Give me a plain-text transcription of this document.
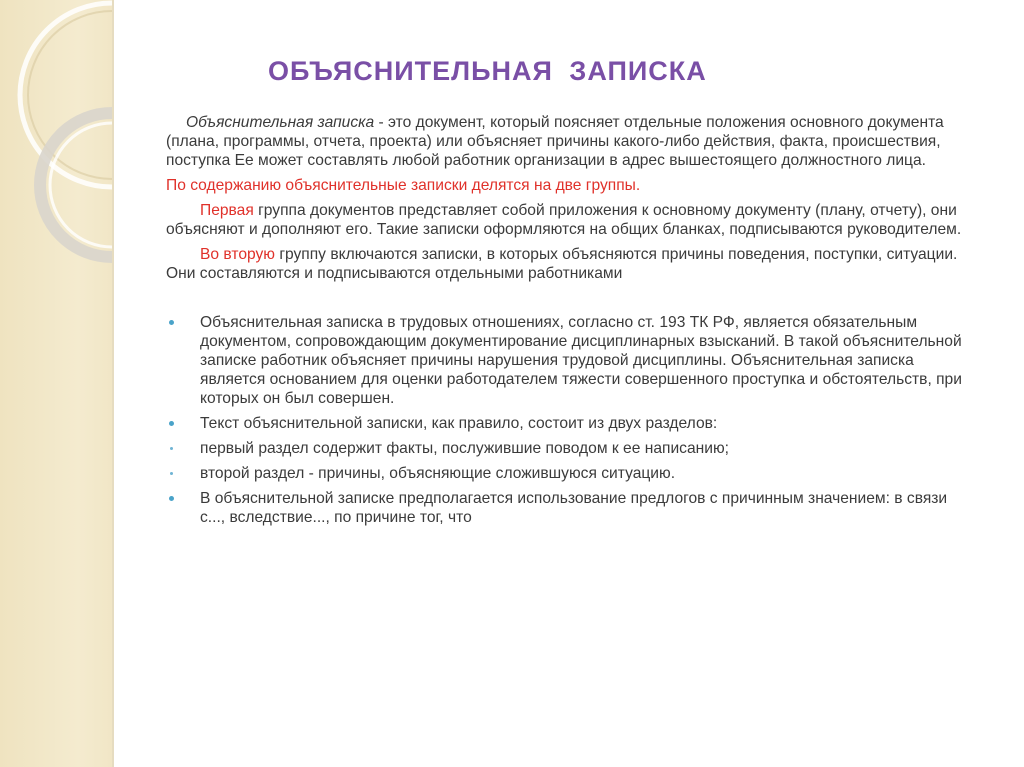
ОБЪЯСНИТЕЛЬНАЯ ЗАПИСКА

Объяснительная записка - это документ, который поясняет отдельные положения основного документа (плана, программы, отчета, проекта) или объясняет причины какого-либо действия, факта, происшествия, поступка Ее может составлять любой работник организации в адрес вышестоящего должностного лица.

По содержанию объяснительные записки делятся на две группы.

Первая группа документов представляет собой приложения к основному документу (плану, отчету), они объясняют и дополняют его. Такие записки оформляются на общих бланках, подписываются руководителем.

Во вторую группу включаются записки, в которых объясняются причины поведения, поступки, ситуации. Они составляются и подписываются отдельными работниками

Объяснительная записка в трудовых отношениях, согласно ст. 193 ТК РФ, является обязательным документом, сопровождающим документирование дисциплинарных взысканий. В такой объяснительной записке работник объясняет причины нарушения трудовой дисциплины. Объяснительная записка является основанием для оценки работодателем тяжести совершенного проступка и обстоятельств, при которых он был совершен.
Текст объяснительной записки, как правило, состоит из двух разделов:
первый раздел содержит факты, послужившие поводом к ее написанию;
второй раздел - причины, объясняющие сложившуюся ситуацию.
В объяснительной записке предполагается использование предлогов с причинным значением: в связи с..., вследствие..., по причине тог, что
